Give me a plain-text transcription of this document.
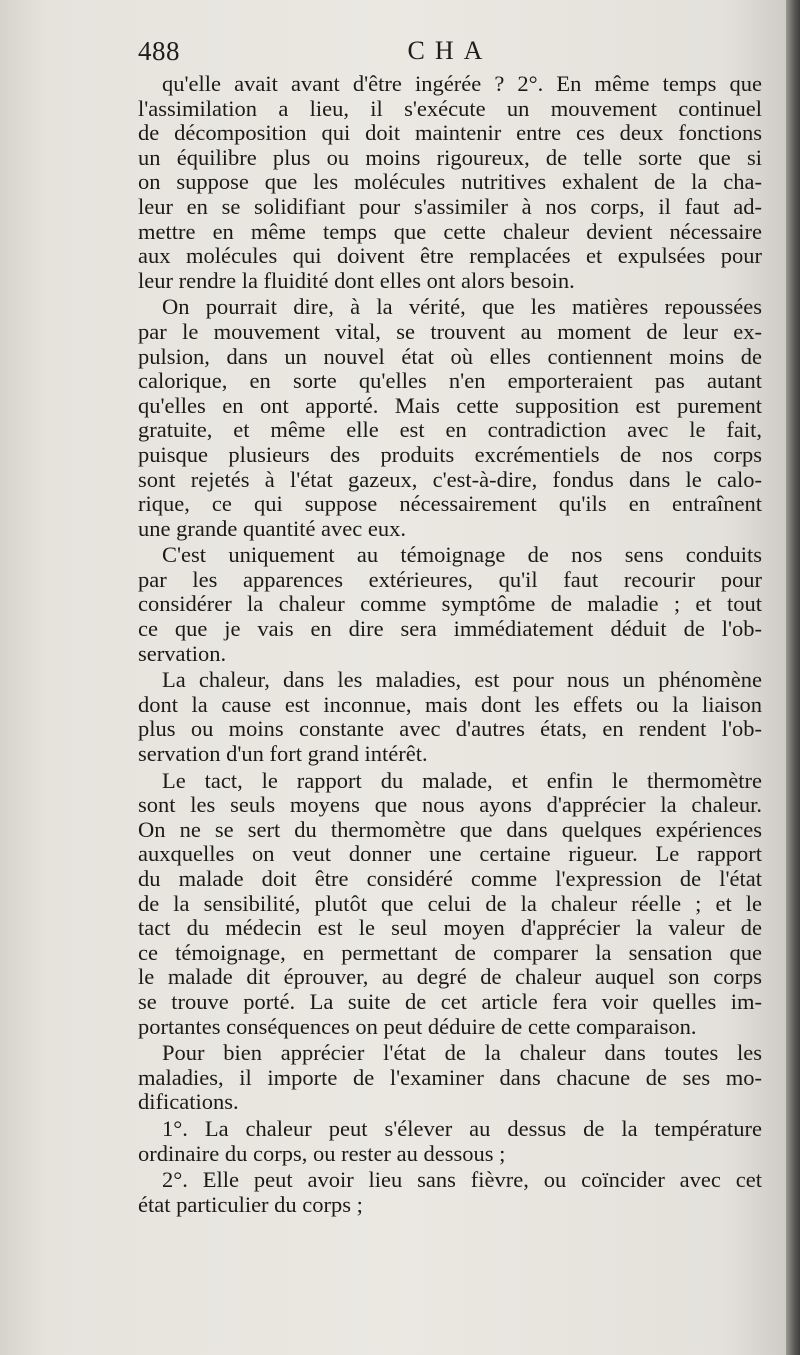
488	CHA
qu'elle avait avant d'être ingérée ? 2°. En même temps que
l'assimilation a lieu, il s'exécute un mouvement continuel
de décomposition qui doit maintenir entre ces deux fonctions
un équilibre plus ou moins rigoureux, de telle sorte que si
on suppose que les molécules nutritives exhalent de la cha-
leur en se solidifiant pour s'assimiler à nos corps, il faut ad-
mettre en même temps que cette chaleur devient nécessaire
aux molécules qui doivent être remplacées et expulsées pour
leur rendre la fluidité dont elles ont alors besoin.
On pourrait dire, à la vérité, que les matières repoussées
par le mouvement vital, se trouvent au moment de leur ex-
pulsion, dans un nouvel état où elles contiennent moins de
calorique, en sorte qu'elles n'en emporteraient pas autant
qu'elles en ont apporté. Mais cette supposition est purement
gratuite, et même elle est en contradiction avec le fait,
puisque plusieurs des produits excrémentiels de nos corps
sont rejetés à l'état gazeux, c'est-à-dire, fondus dans le calo-
rique, ce qui suppose nécessairement qu'ils en entraînent
une grande quantité avec eux.
C'est uniquement au témoignage de nos sens conduits
par les apparences extérieures, qu'il faut recourir pour
considérer la chaleur comme symptôme de maladie ; et tout
ce que je vais en dire sera immédiatement déduit de l'ob-
servation.
La chaleur, dans les maladies, est pour nous un phénomène
dont la cause est inconnue, mais dont les effets ou la liaison
plus ou moins constante avec d'autres états, en rendent l'ob-
servation d'un fort grand intérêt.
Le tact, le rapport du malade, et enfin le thermomètre
sont les seuls moyens que nous ayons d'apprécier la chaleur.
On ne se sert du thermomètre que dans quelques expériences
auxquelles on veut donner une certaine rigueur. Le rapport
du malade doit être considéré comme l'expression de l'état
de la sensibilité, plutôt que celui de la chaleur réelle ; et le
tact du médecin est le seul moyen d'apprécier la valeur de
ce témoignage, en permettant de comparer la sensation que
le malade dit éprouver, au degré de chaleur auquel son corps
se trouve porté. La suite de cet article fera voir quelles im-
portantes conséquences on peut déduire de cette comparaison.
Pour bien apprécier l'état de la chaleur dans toutes les
maladies, il importe de l'examiner dans chacune de ses mo-
difications.
1°. La chaleur peut s'élever au dessus de la température
ordinaire du corps, ou rester au dessous ;
2°. Elle peut avoir lieu sans fièvre, ou coïncider avec cet
état particulier du corps ;
